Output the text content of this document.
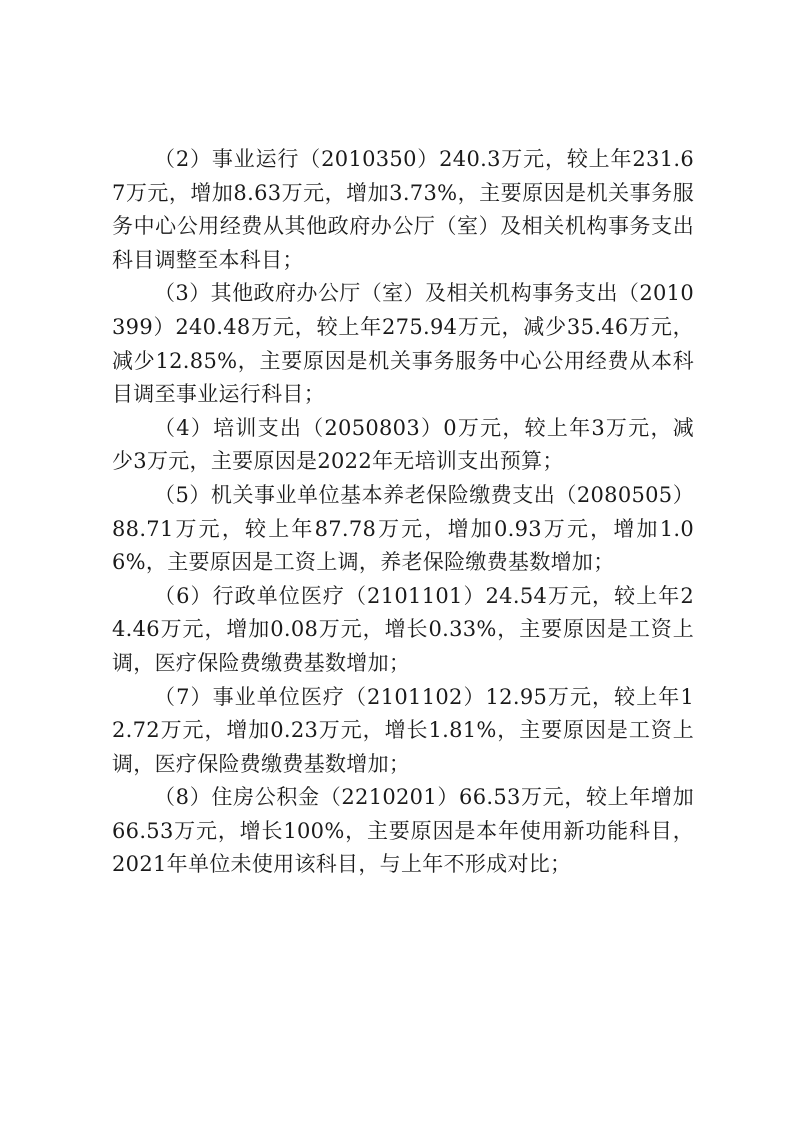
（2）事业运行（2010350）240.3万元，较上年231.67万元，增加8.63万元，增加3.73%，主要原因是机关事务服务中心公用经费从其他政府办公厅（室）及相关机构事务支出科目调整至本科目；

（3）其他政府办公厅（室）及相关机构事务支出（2010399）240.48万元，较上年275.94万元，减少35.46万元，减少12.85%，主要原因是机关事务服务中心公用经费从本科目调至事业运行科目；

（4）培训支出（2050803）0万元，较上年3万元，减少3万元，主要原因是2022年无培训支出预算；

（5）机关事业单位基本养老保险缴费支出（2080505）88.71万元，较上年87.78万元，增加0.93万元，增加1.06%，主要原因是工资上调，养老保险缴费基数增加；

（6）行政单位医疗（2101101）24.54万元，较上年24.46万元，增加0.08万元，增长0.33%，主要原因是工资上调，医疗保险费缴费基数增加；

（7）事业单位医疗（2101102）12.95万元，较上年12.72万元，增加0.23万元，增长1.81%，主要原因是工资上调，医疗保险费缴费基数增加；

（8）住房公积金（2210201）66.53万元，较上年增加66.53万元，增长100%，主要原因是本年使用新功能科目，2021年单位未使用该科目，与上年不形成对比；
